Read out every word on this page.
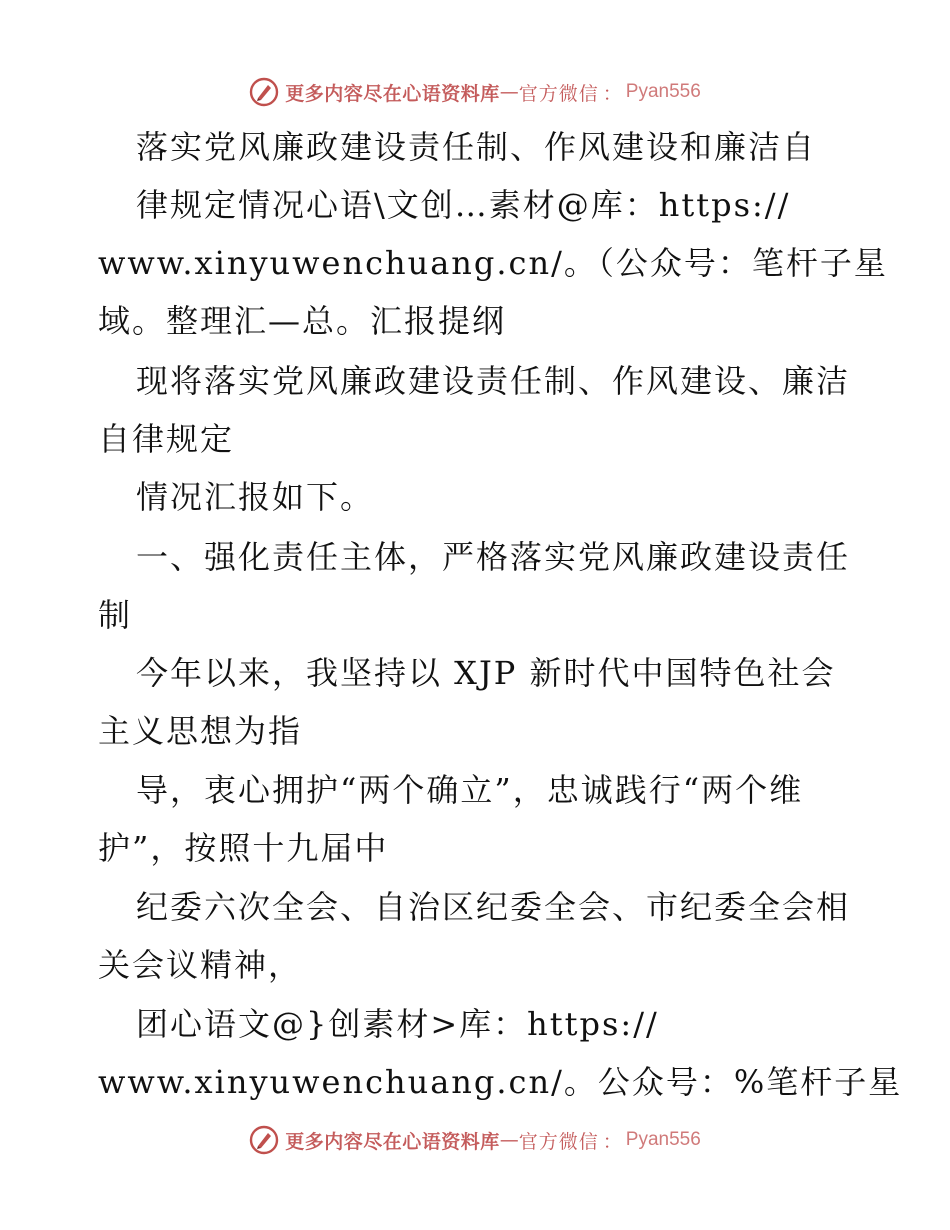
更多内容尽在心语资料库 — 官方微信 ： Pyan556
落实党风廉政建设责任制、作风建设和廉洁自
律规定情况心语\文创…素材@库：https://
www.xinyuwenchuang.cn/。（公众号：笔杆子星
域。整理汇—总。汇报提纲
现将落实党风廉政建设责任制、作风建设、廉洁
自律规定
情况汇报如下。
一、强化责任主体，严格落实党风廉政建设责任
制
今年以来，我坚持以 XJP 新时代中国特色社会
主义思想为指
导，衷心拥护“两个确立”，忠诚践行“两个维
护”，按照十九届中
纪委六次全会、自治区纪委全会、市纪委全会相
关会议精神，
团心语文@}创素材>库：https://
www.xinyuwenchuang.cn/。公众号：%笔杆子星
更多内容尽在心语资料库 — 官方微信 ： Pyan556
